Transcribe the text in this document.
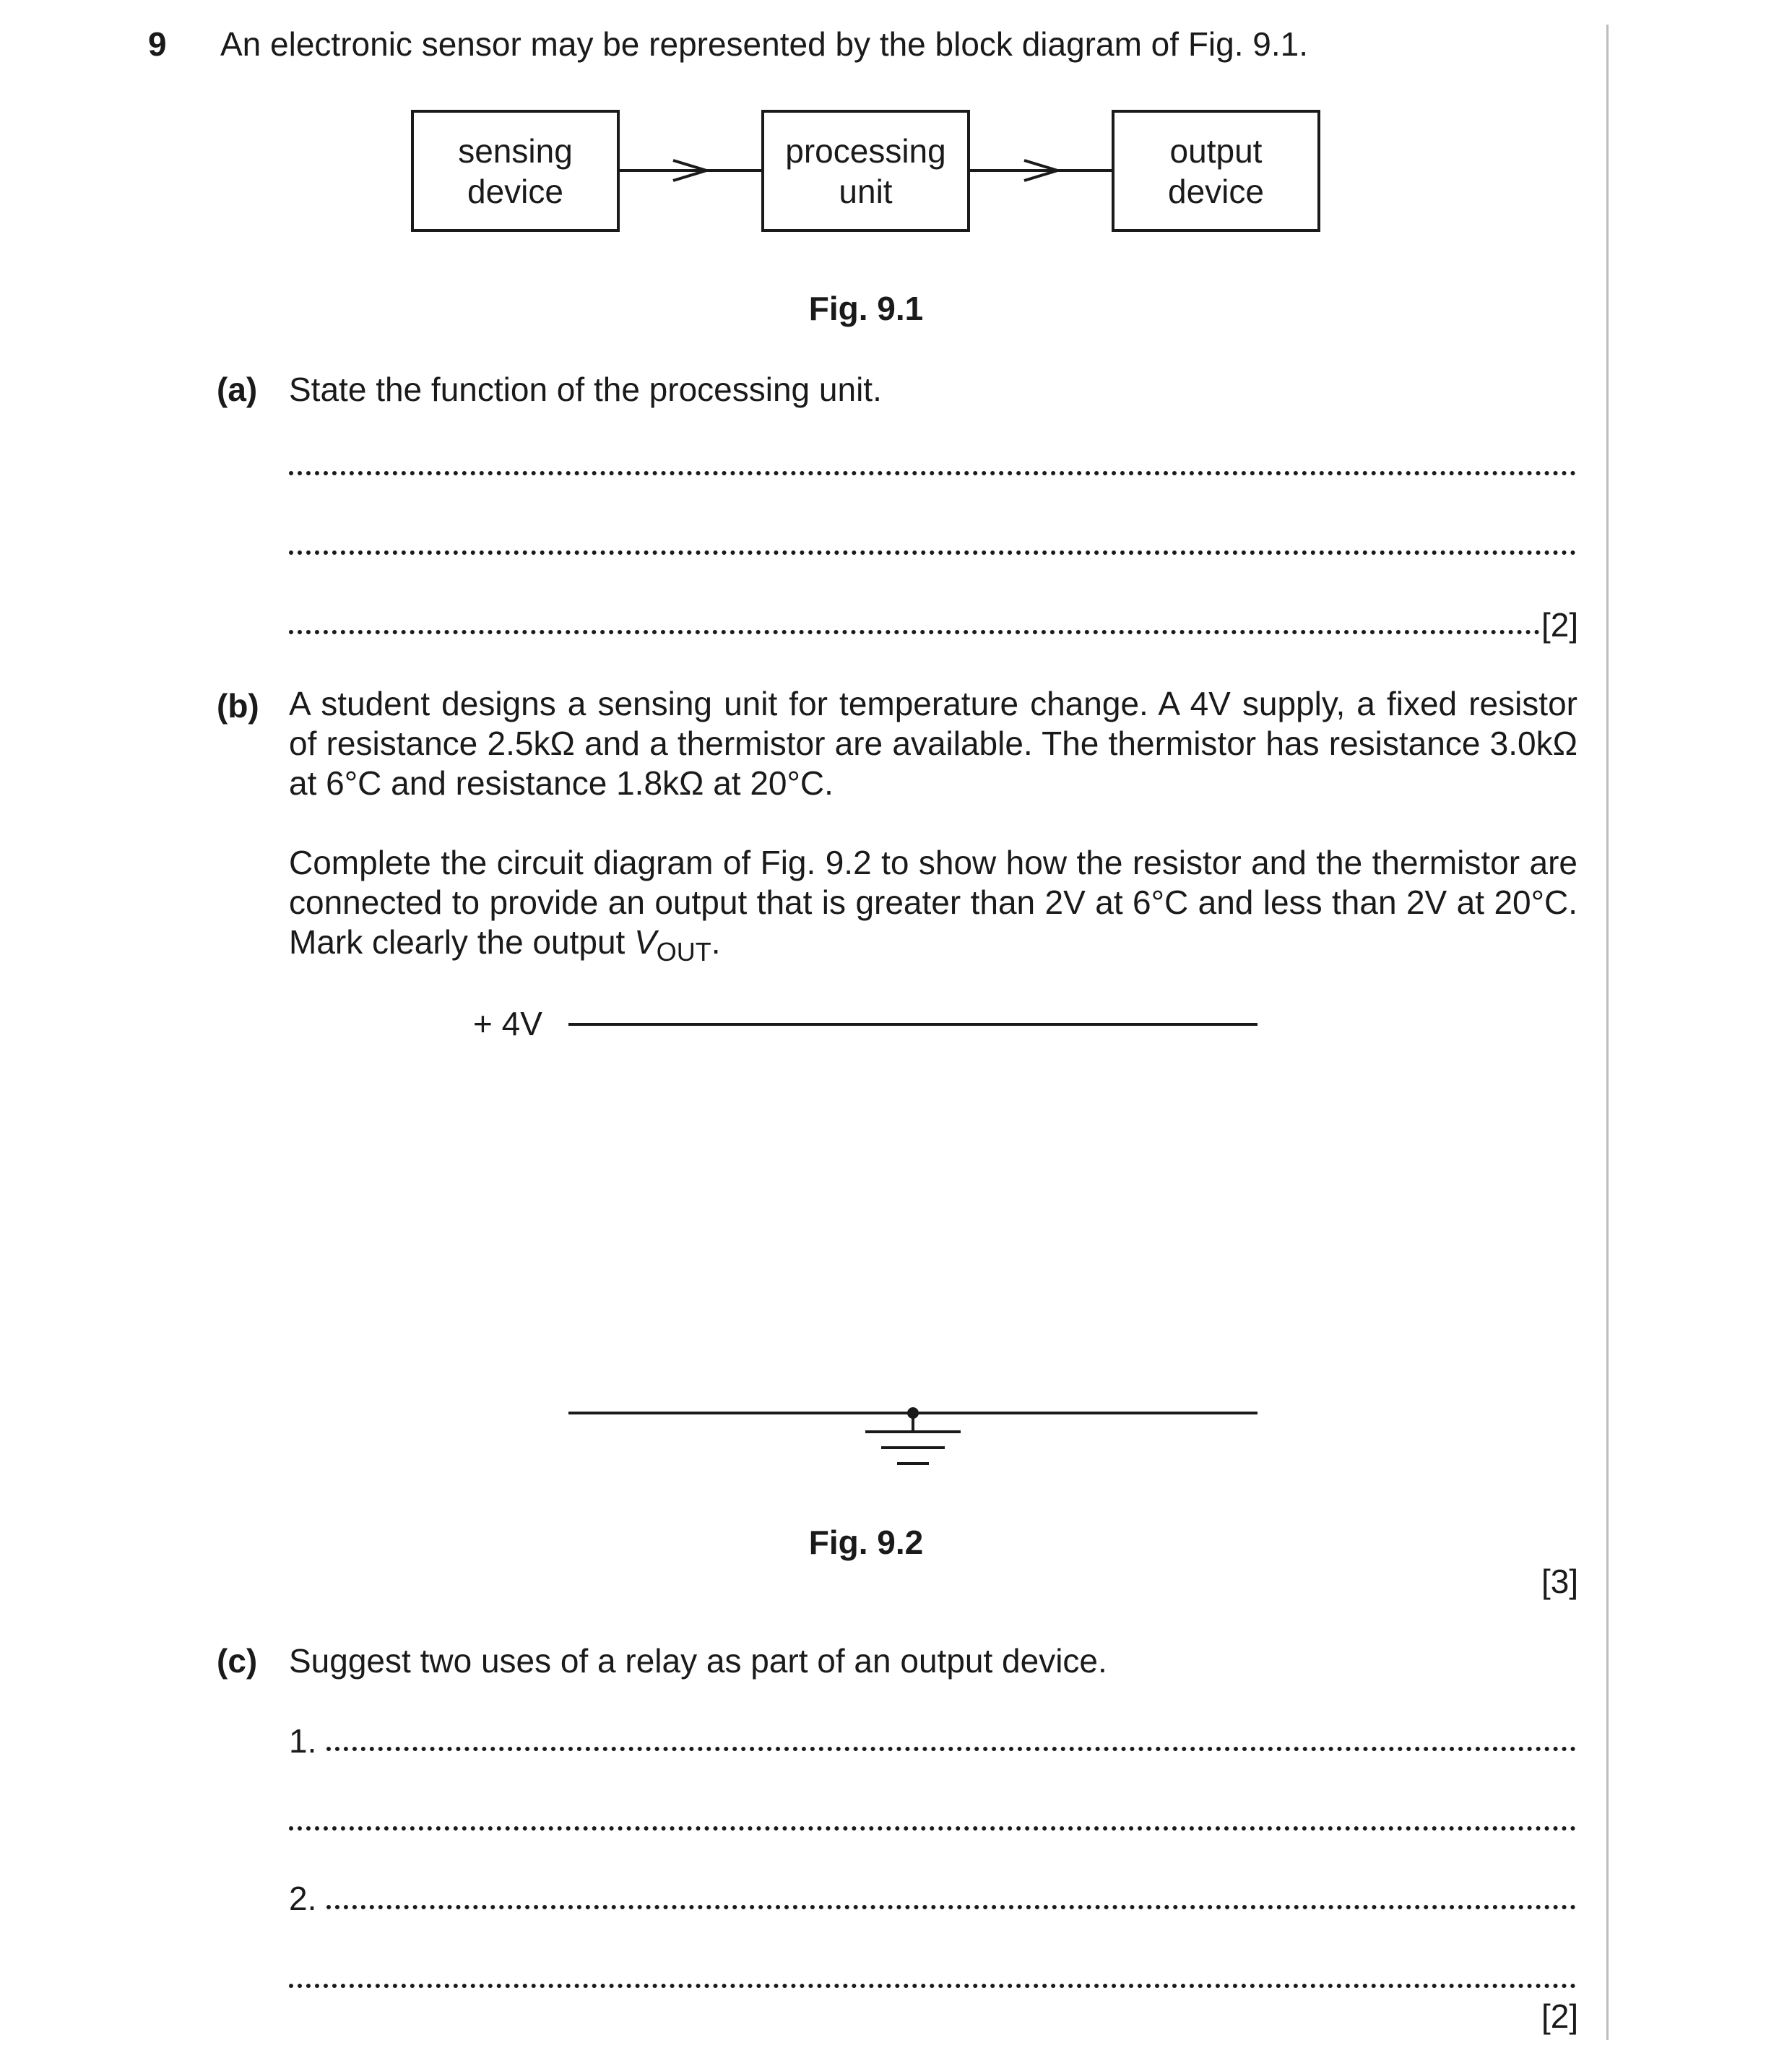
9 An electronic sensor may be represented by the block diagram of Fig. 9.1.
sensing
device
processing
unit
output
device
Fig. 9.1
(a) State the function of the processing unit.
[2]
(b) A student designs a sensing unit for temperature change. A 4V supply, a fixed resistor
of resistance 2.5kΩ and a thermistor are available. The thermistor has resistance 3.0kΩ
at 6°C and resistance 1.8kΩ at 20°C.
Complete the circuit diagram of Fig. 9.2 to show how the resistor and the thermistor are
connected to provide an output that is greater than 2V at 6°C and less than 2V at 20°C.
Mark clearly the output $V_{OUT}$.
+ 4V
Fig. 9.2
[3]
(c) Suggest two uses of a relay as part of an output device.
1.
2.
[2]
